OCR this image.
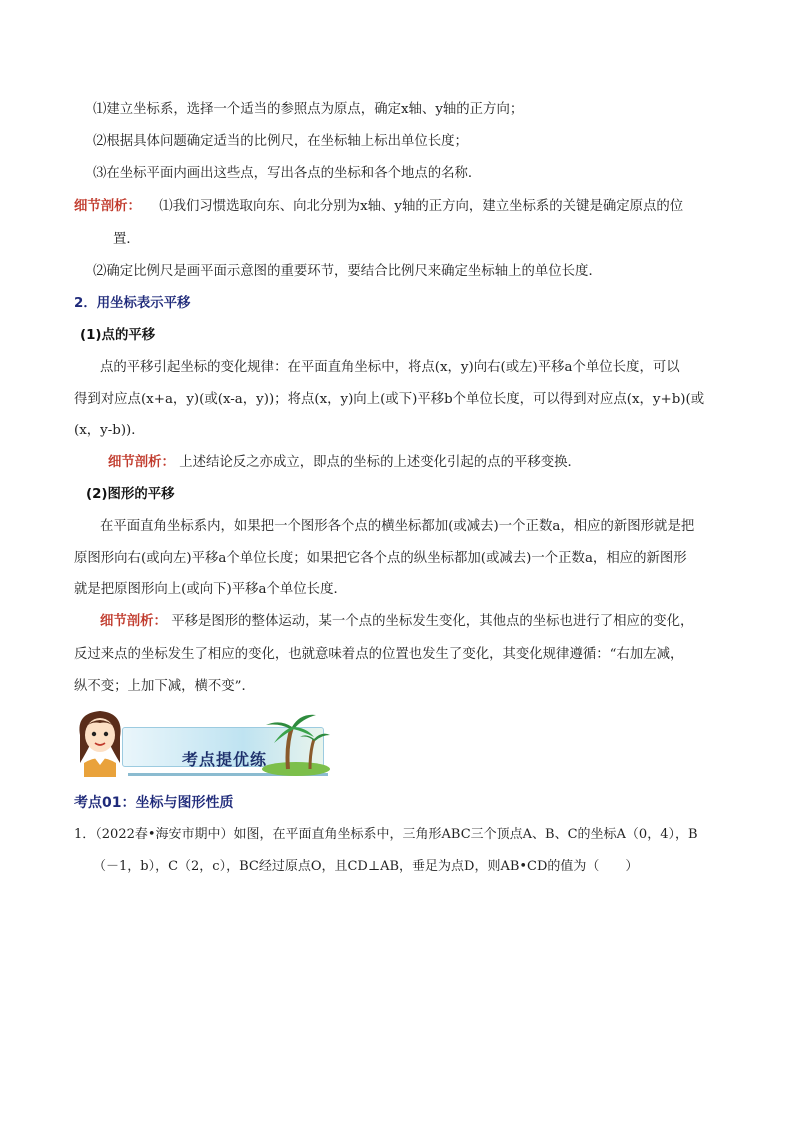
⑴建立坐标系，选择一个适当的参照点为原点，确定x轴、y轴的正方向；
⑵根据具体问题确定适当的比例尺，在坐标轴上标出单位长度；
⑶在坐标平面内画出这些点，写出各点的坐标和各个地点的名称．
细节剖析： ⑴我们习惯选取向东、向北分别为x轴、y轴的正方向，建立坐标系的关键是确定原点的位
置．
⑵确定比例尺是画平面示意图的重要环节，要结合比例尺来确定坐标轴上的单位长度．
2．用坐标表示平移
(1)点的平移
点的平移引起坐标的变化规律：在平面直角坐标中，将点(x，y)向右(或左)平移a个单位长度，可以
得到对应点(x+a，y)(或(x-a，y))；将点(x，y)向上(或下)平移b个单位长度，可以得到对应点(x，y+b)(或
(x，y-b))．
细节剖析： 上述结论反之亦成立，即点的坐标的上述变化引起的点的平移变换．
(2)图形的平移
在平面直角坐标系内，如果把一个图形各个点的横坐标都加(或减去)一个正数a，相应的新图形就是把
原图形向右(或向左)平移a个单位长度；如果把它各个点的纵坐标都加(或减去)一个正数a，相应的新图形
就是把原图形向上(或向下)平移a个单位长度．
细节剖析： 平移是图形的整体运动，某一个点的坐标发生变化，其他点的坐标也进行了相应的变化，
反过来点的坐标发生了相应的变化，也就意味着点的位置也发生了变化，其变化规律遵循：“右加左减，
纵不变；上加下减，横不变”．
考点提优练
考点01：坐标与图形性质
1．（2022春•海安市期中）如图，在平面直角坐标系中，三角形ABC三个顶点A、B、C的坐标A（0，4），B
（－1，b），C（2，c），BC经过原点O，且CD⊥AB，垂足为点D，则AB•CD的值为（　　）
